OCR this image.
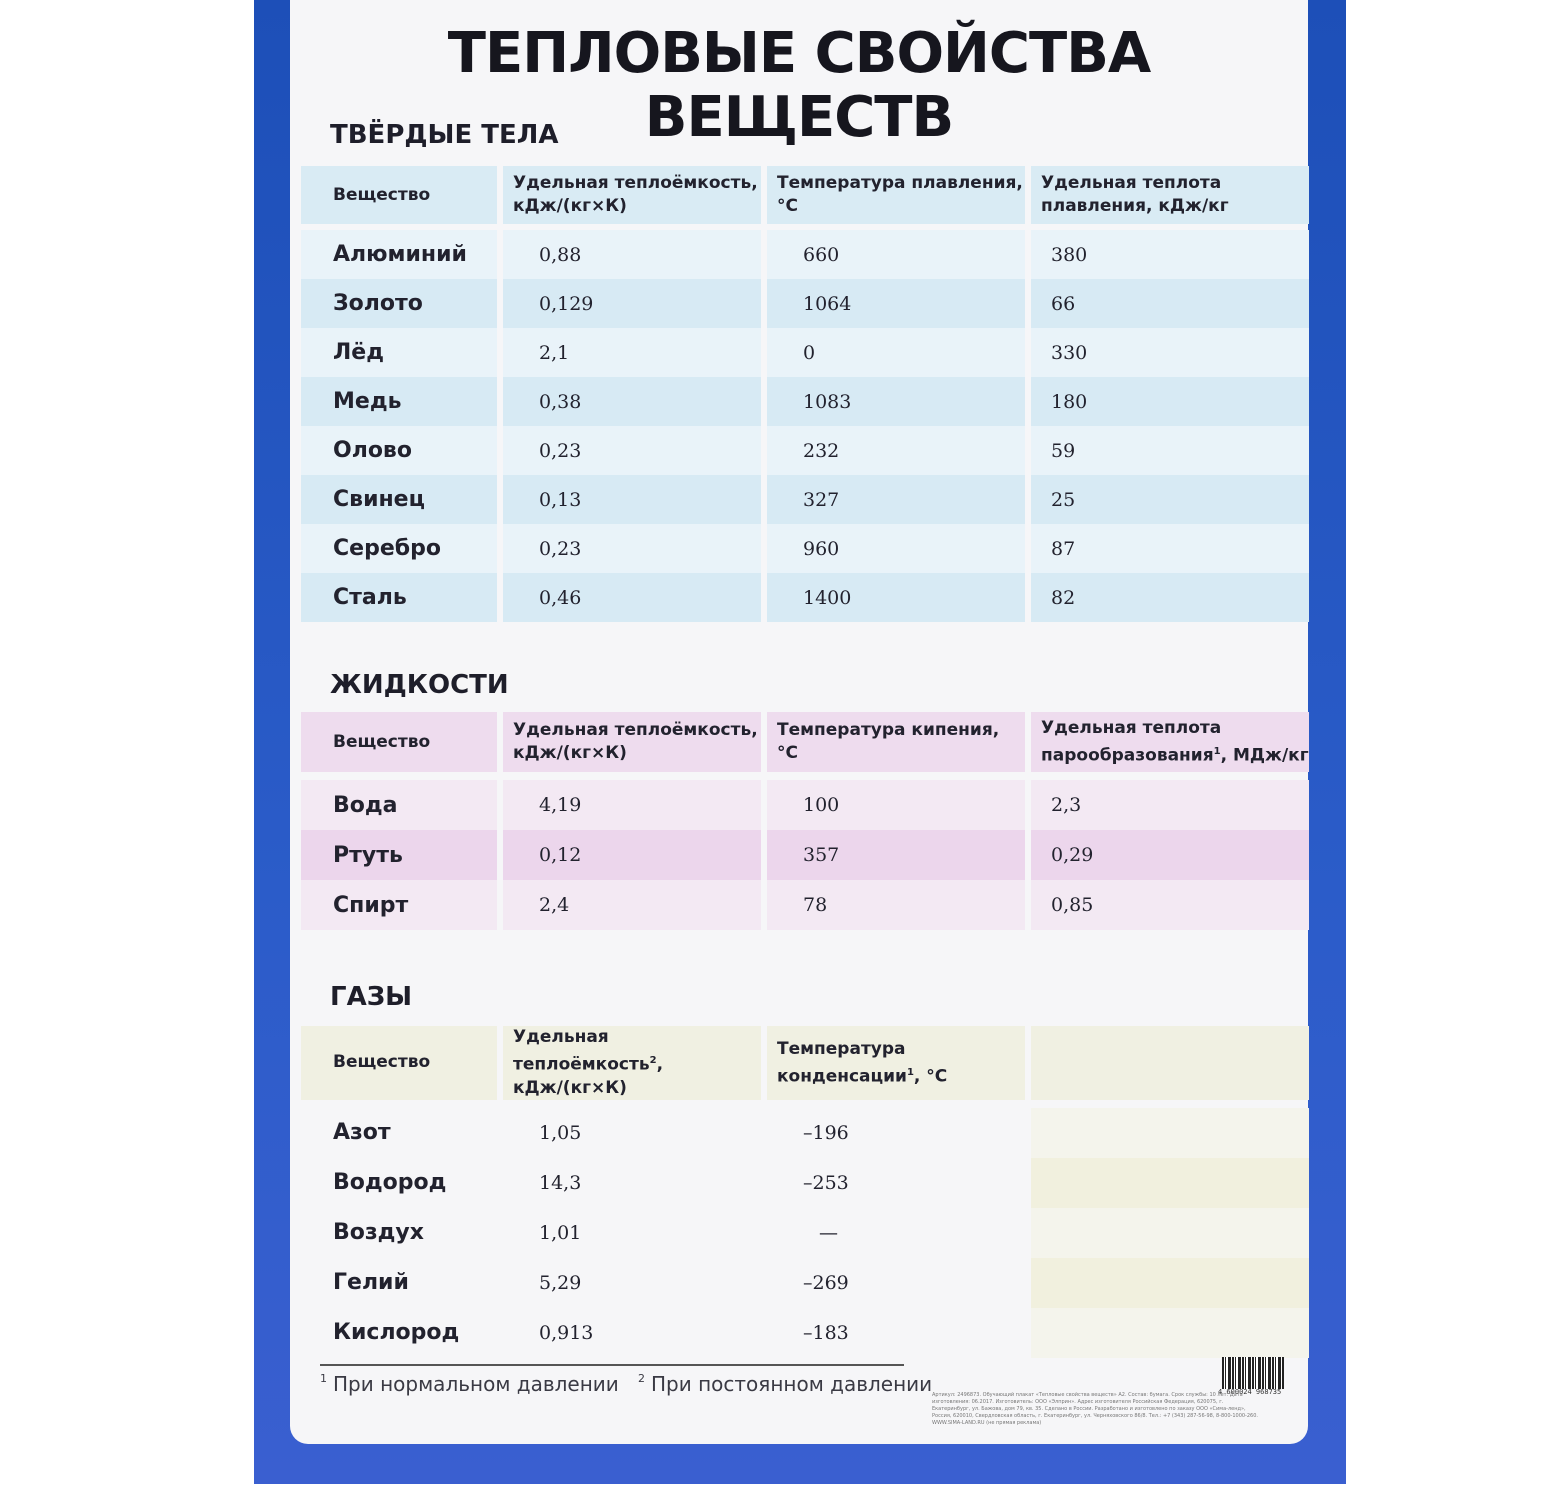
ТЕПЛОВЫЕ СВОЙСТВА ВЕЩЕСТВ
ТВЁРДЫЕ ТЕЛА
Вещество	Удельная теплоёмкость, кДж/(кг×К)	Температура плавления, °С	Удельная теплота плавления, кДж/кг

Алюминий	0,88	660	380
Золото	0,129	1064	66
Лёд	2,1	0	330
Медь	0,38	1083	180
Олово	0,23	232	59
Свинец	0,13	327	25
Серебро	0,23	960	87
Сталь	0,46	1400	82
ЖИДКОСТИ
Вещество	Удельная теплоёмкость, кДж/(кг×К)	Температура кипения, °С	Удельная теплота парообразования$^1$, МДж/кг

Вода	4,19	100	2,3
Ртуть	0,12	357	0,29
Спирт	2,4	78	0,85
ГАЗЫ
Вещество	Удельная теплоёмкость$^2$, кДж/(кг×К)	Температура конденсации$^1$, °С	

Азот	1,05	–196	
Водород	14,3	–253	
Воздух	1,01	—	
Гелий	5,29	–269	
Кислород	0,913	–183	
$^1$ При нормальном давлении $^2$ При постоянном давлении	4 600024 968735
Артикул: 2496873. Обучающий плакат «Тепловые свойства веществ» А2. Состав: бумага. Срок службы: 10 лет. Дата изготовления: 06.2017. Изготовитель: ООО «Элприн». Адрес изготовителя Российская Федерация, 620075, г. Екатеринбург, ул. Бажова, дом 79, кв. 35. Сделано в России. Разработано и изготовлено по заказу ООО «Сима-ленд», Россия, 620010, Свердловская область, г. Екатеринбург, ул. Черняховского 86/8. Тел.: +7 (343) 287-56-98, 8-800-1000-260. WWW.SIMA-LAND.RU (не прямая реклама)
